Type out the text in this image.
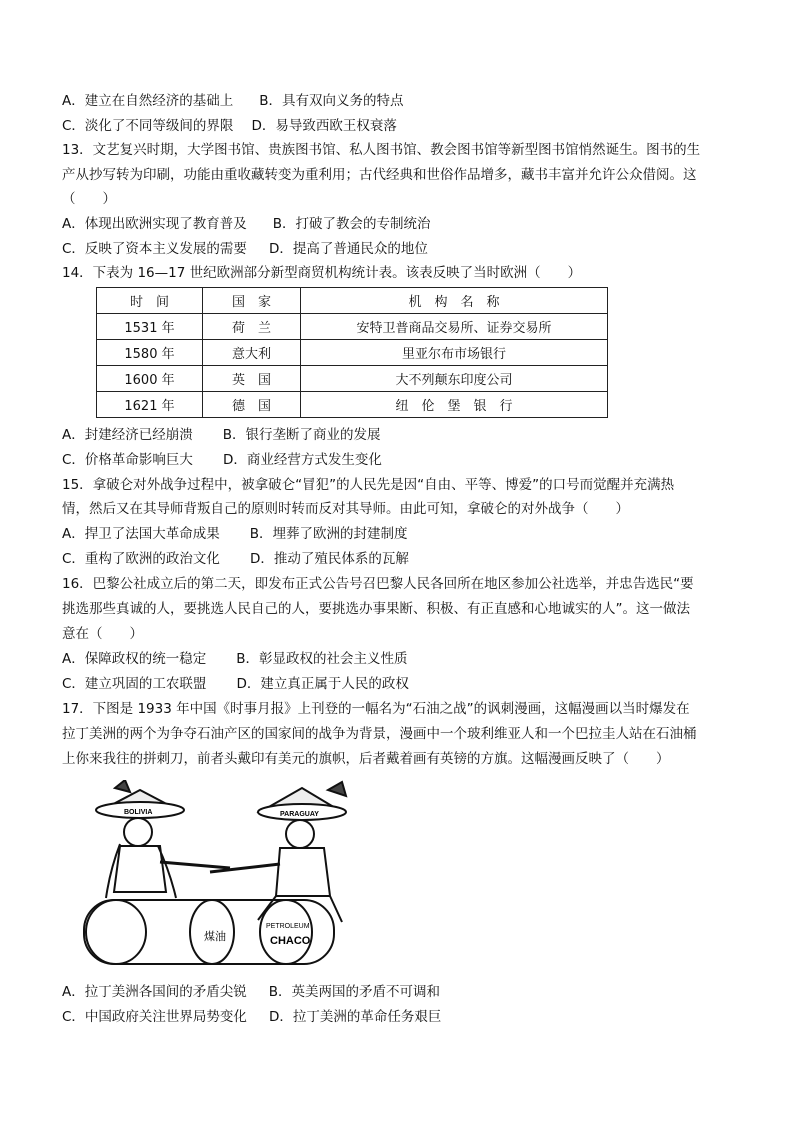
A．建立在自然经济的基础上 B．具有双向义务的特点
C．淡化了不同等级间的界限 D．易导致西欧王权衰落
13．文艺复兴时期，大学图书馆、贵族图书馆、私人图书馆、教会图书馆等新型图书馆悄然诞生。图书的生
产从抄写转为印刷，功能由重收藏转变为重利用；古代经典和世俗作品增多，藏书丰富并允许公众借阅。这
（　　）
A．体现出欧洲实现了教育普及 B．打破了教会的专制统治
C．反映了资本主义发展的需要 D．提高了普通民众的地位
14．下表为 16—17 世纪欧洲部分新型商贸机构统计表。该表反映了当时欧洲（　　）
时　间	国　家	机　构　名　称
1531 年	荷　兰	安特卫普商品交易所、证券交易所
1580 年	意大利	里亚尔布市场银行
1600 年	英　国	大不列颠东印度公司
1621 年	德　国	纽　伦　堡　银　行
A．封建经济已经崩溃 B．银行垄断了商业的发展
C．价格革命影响巨大 D．商业经营方式发生变化
15．拿破仑对外战争过程中，被拿破仑“冒犯”的人民先是因“自由、平等、博爱”的口号而觉醒并充满热
情，然后又在其导师背叛自己的原则时转而反对其导师。由此可知，拿破仑的对外战争（　　）
A．捍卫了法国大革命成果 B．埋葬了欧洲的封建制度
C．重构了欧洲的政治文化 D．推动了殖民体系的瓦解
16．巴黎公社成立后的第二天，即发布正式公告号召巴黎人民各回所在地区参加公社选举，并忠告选民“要
挑选那些真诚的人，要挑选人民自己的人，要挑选办事果断、积极、有正直感和心地诚实的人”。这一做法
意在（　　）
A．保障政权的统一稳定 B．彰显政权的社会主义性质
C．建立巩固的工农联盟 D．建立真正属于人民的政权
17．下图是 1933 年中国《时事月报》上刊登的一幅名为“石油之战”的讽刺漫画，这幅漫画以当时爆发在
拉丁美洲的两个为争夺石油产区的国家间的战争为背景，漫画中一个玻利维亚人和一个巴拉圭人站在石油桶
上你来我往的拼刺刀，前者头戴印有美元的旗帜，后者戴着画有英镑的方旗。这幅漫画反映了（　　）
BOLIVIA	PARAGUAY
煤油
PETROLEUM
CHACO
A．拉丁美洲各国间的矛盾尖锐 B．英美两国的矛盾不可调和
C．中国政府关注世界局势变化 D．拉丁美洲的革命任务艰巨
